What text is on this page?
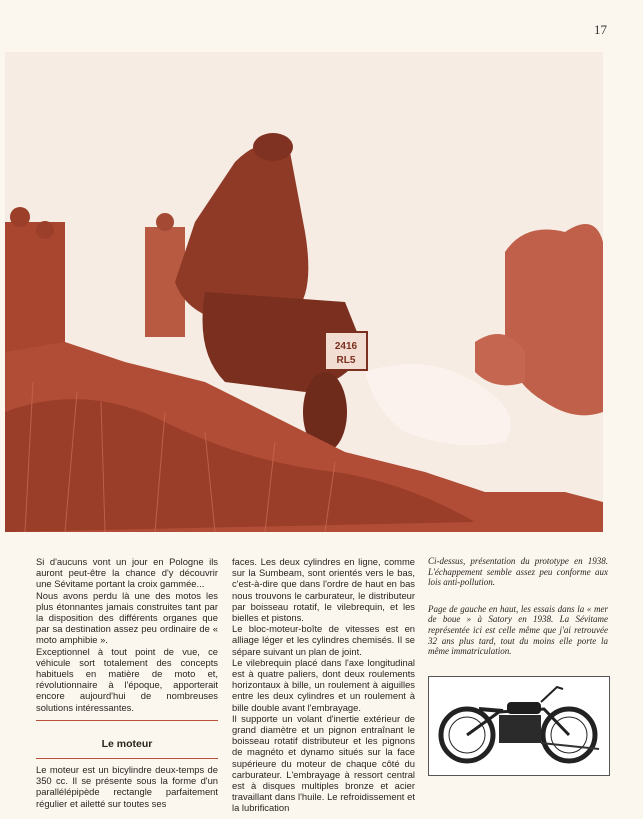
17
2416
RL5

Si d'aucuns vont un jour en Pologne ils auront peut-être la chance d'y découvrir une Sévitame portant la croix gammée...

Nous avons perdu là une des motos les plus étonnantes jamais construites tant par la disposition des différents organes que par sa destination assez peu ordinaire de « moto amphibie ».

Exceptionnel à tout point de vue, ce véhicule sort totalement des concepts habituels en matière de moto et, révolutionnaire à l'époque, apporterait encore aujourd'hui de nombreuses solutions intéressantes.

Le moteur

Le moteur est un bicylindre deux-temps de 350 cc. Il se présente sous la forme d'un parallélépipède rectangle parfaitement régulier et ailetté sur toutes ses

faces. Les deux cylindres en ligne, comme sur la Sumbeam, sont orientés vers le bas, c'est-à-dire que dans l'ordre de haut en bas nous trouvons le carburateur, le distributeur par boisseau rotatif, le vilebrequin, et les bielles et pistons.

Le bloc-moteur-boîte de vitesses est en alliage léger et les cylindres chemisés. Il se sépare suivant un plan de joint.

Le vilebrequin placé dans l'axe longitudinal est à quatre paliers, dont deux roulements horizontaux à bille, un roulement à aiguilles entre les deux cylindres et un roulement à bille double avant l'embrayage.

Il supporte un volant d'inertie extérieur de grand diamètre et un pignon entraînant le boisseau rotatif distributeur et les pignons de magnéto et dynamo situés sur la face supérieure du moteur de chaque côté du carburateur. L'embrayage à ressort central est à disques multiples bronze et acier travaillant dans l'huile. Le refroidissement et la lubrification

Ci-dessus, présentation du prototype en 1938. L'échappement semble assez peu conforme aux lois anti-pollution.

Page de gauche en haut, les essais dans la « mer de boue » à Satory en 1938. La Sévitame représentée ici est celle même que j'ai retrouvée 32 ans plus tard, tout du moins elle porte la même immatriculation.
